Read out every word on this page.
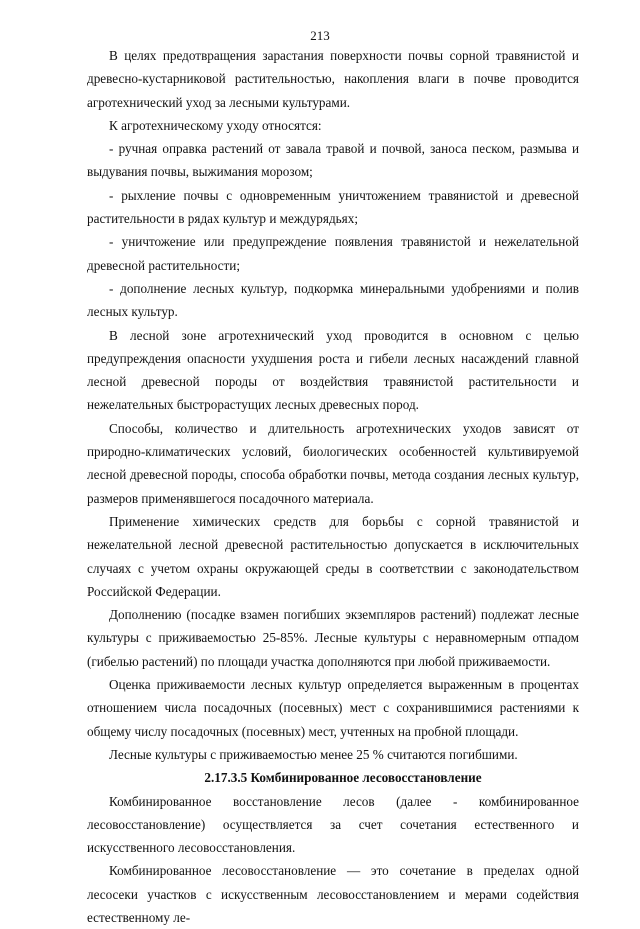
213

В целях предотвращения зарастания поверхности почвы сорной травянистой и древесно-кустарниковой растительностью, накопления влаги в почве проводится агротехнический уход за лесными культурами.

К агротехническому уходу относятся:

- ручная оправка растений от завала травой и почвой, заноса песком, размыва и выдувания почвы, выжимания морозом;

- рыхление почвы с одновременным уничтожением травянистой и древесной растительности в рядах культур и междурядьях;

- уничтожение или предупреждение появления травянистой и нежелательной древесной растительности;

- дополнение лесных культур, подкормка минеральными удобрениями и полив лесных культур.

В лесной зоне агротехнический уход проводится в основном с целью предупреждения опасности ухудшения роста и гибели лесных насаждений главной лесной древесной породы от воздействия травянистой растительности и нежелательных быстрорастущих лесных древесных пород.

Способы, количество и длительность агротехнических уходов зависят от природно-климатических условий, биологических особенностей культивируемой лесной древесной породы, способа обработки почвы, метода создания лесных культур, размеров применявшегося посадочного материала.

Применение химических средств для борьбы с сорной травянистой и нежелательной лесной древесной растительностью допускается в исключительных случаях с учетом охраны окружающей среды в соответствии с законодательством Российской Федерации.

Дополнению (посадке взамен погибших экземпляров растений) подлежат лесные культуры с приживаемостью 25-85%. Лесные культуры с неравномерным отпадом (гибелью растений) по площади участка дополняются при любой приживаемости.

Оценка приживаемости лесных культур определяется выраженным в процентах отношением числа посадочных (посевных) мест с сохранившимися растениями к общему числу посадочных (посевных) мест, учтенных на пробной площади.

Лесные культуры с приживаемостью менее 25 % считаются погибшими.

2.17.3.5 Комбинированное лесовосстановление

Комбинированное восстановление лесов (далее - комбинированное лесовосстановление) осуществляется за счет сочетания естественного и искусственного лесовосстановления.

Комбинированное лесовосстановление — это сочетание в пределах одной лесосеки участков с искусственным лесовосстановлением и мерами содействия естественному ле-
